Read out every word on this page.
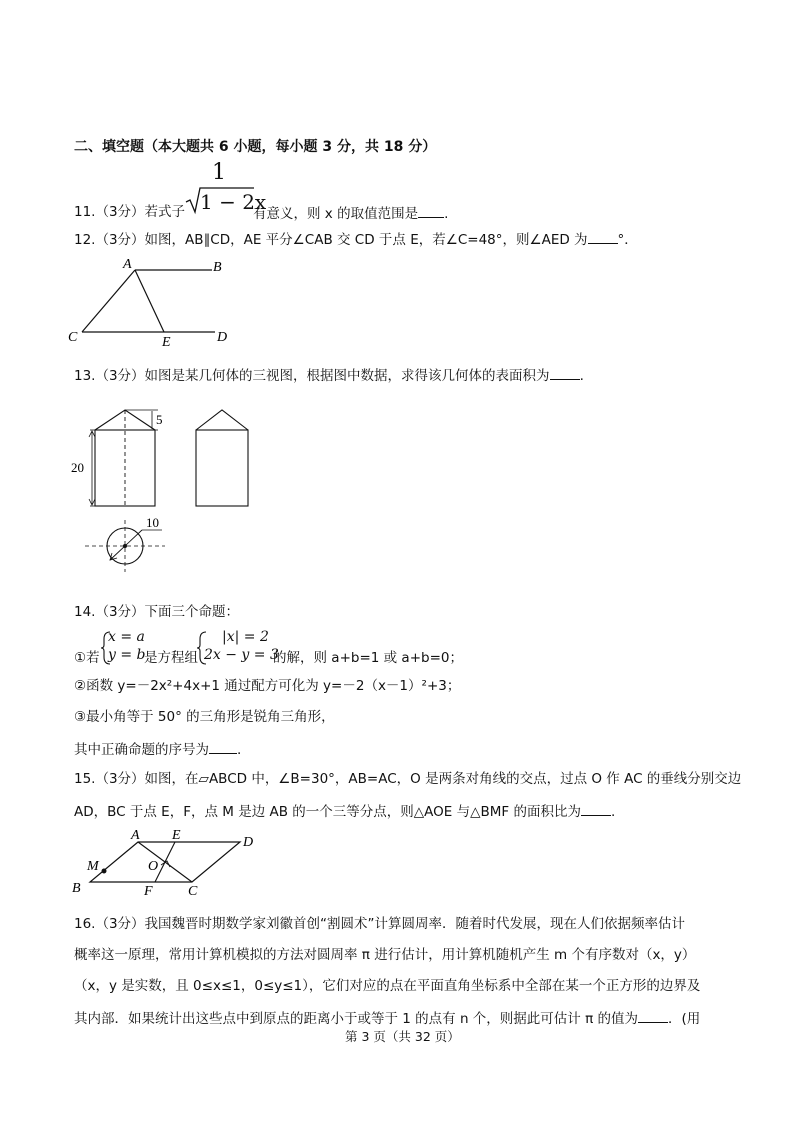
二、填空题（本大题共 6 小题，每小题 3 分，共 18 分）
11.（3分）若式子
1
1 − 2x
有意义，则 x 的取值范围是 .
12.（3分）如图，AB∥CD，AE 平分∠CAB 交 CD 于点 E，若∠C=48°，则∠AED 为 °．
A	B
C	E	D
13.（3分）如图是某几何体的三视图，根据图中数据，求得该几何体的表面积为 .
5
20
10
14.（3分）下面三个命题：
①若
x = a
y = b
是方程组
|x| = 2
2x − y = 3
的解，则 a+b=1 或 a+b=0；
②函数 y=－2x²+4x+1 通过配方可化为 y=－2（x－1）²+3；
③最小角等于 50° 的三角形是锐角三角形，
其中正确命题的序号为 .
15.（3分）如图，在▱ABCD 中，∠B=30°，AB=AC，O 是两条对角线的交点，过点 O 作 AC 的垂线分别交边
AD，BC 于点 E，F，点 M 是边 AB 的一个三等分点，则△AOE 与△BMF 的面积比为 .
A E	D
O
M
B	F	C
16.（3分）我国魏晋时期数学家刘徽首创“割圆术”计算圆周率．随着时代发展，现在人们依据频率估计
概率这一原理，常用计算机模拟的方法对圆周率 π 进行估计，用计算机随机产生 m 个有序数对（x，y）
（x，y 是实数，且 0≤x≤1，0≤y≤1），它们对应的点在平面直角坐标系中全部在某一个正方形的边界及
其内部．如果统计出这些点中到原点的距离小于或等于 1 的点有 n 个，则据此可估计 π 的值为 ．(用
第 3 页（共 32 页）
